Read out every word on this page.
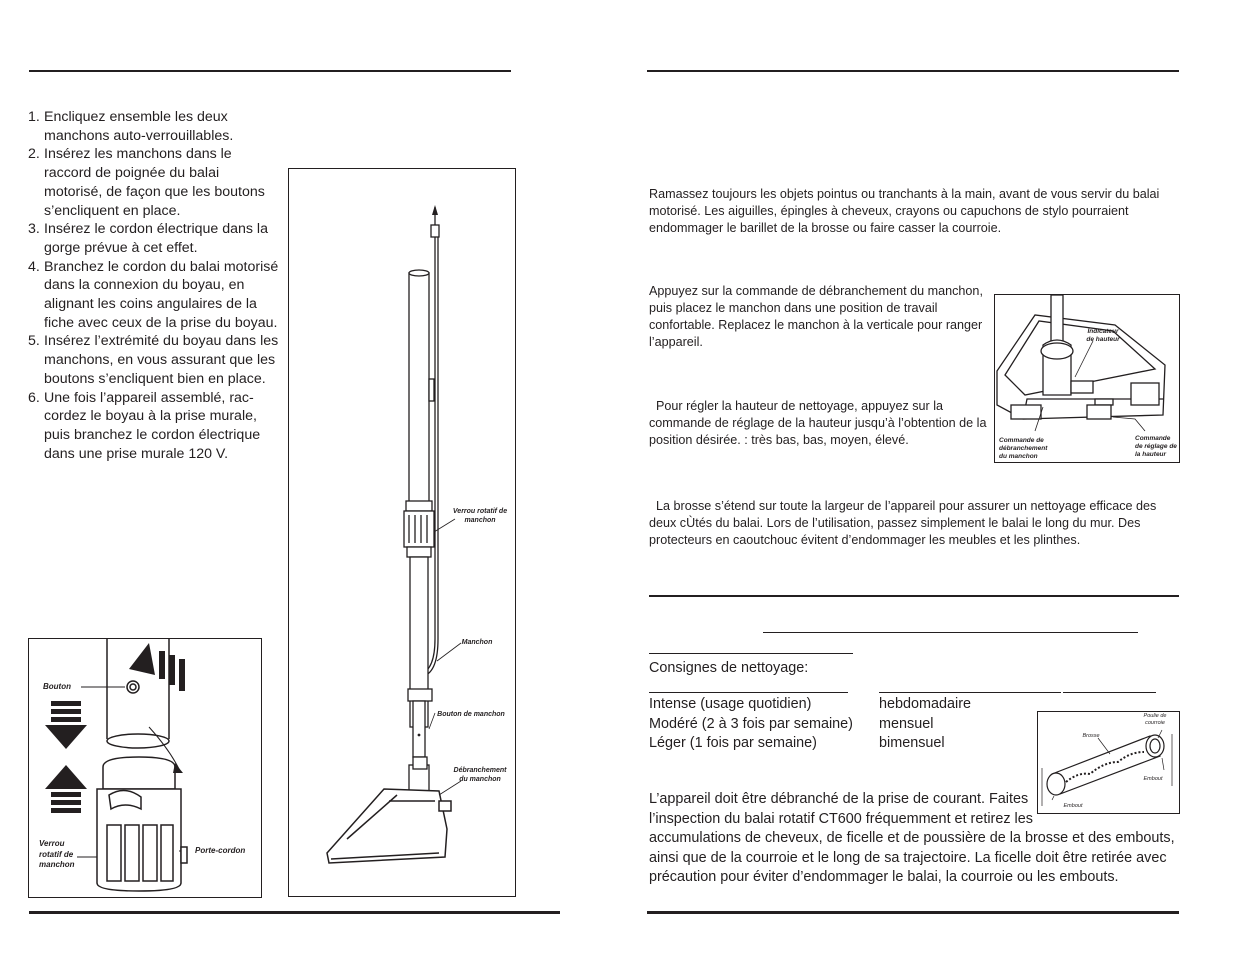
1. Encliquez ensemble les deux
manchons auto-verrouillables.
2. Insérez les manchons dans le
raccord de poignée du balai
motorisé, de façon que les boutons
s’encliquent en place.
3. Insérez le cordon électrique dans la
gorge prévue à cet effet.
4. Branchez le cordon du balai motorisé
dans la connexion du boyau, en
alignant les coins angulaires de la
fiche avec ceux de la prise du boyau.
5. Insérez l’extrémité du boyau dans les
manchons, en vous assurant que les
boutons s’encliquent bien en place.
6. Une fois l’appareil assemblé, rac-
cordez le boyau à la prise murale,
puis branchez le cordon électrique
dans une prise murale 120 V.
Verrou rotatif de manchon
Manchon
Bouton de manchon
Débranchement du manchon
Bouton
Verrou rotatif de manchon
Porte-cordon
Ramassez toujours les objets pointus ou tranchants à la main, avant de vous servir du balai motorisé. Les aiguilles, épingles à cheveux, crayons ou capuchons de stylo pourraient endommager le barillet de la brosse ou faire casser la courroie.
Appuyez sur la commande de débranchement du manchon, puis placez le manchon dans une position de travail confortable. Replacez le manchon à la verticale pour ranger l’appareil.
Pour régler la hauteur de nettoyage, appuyez sur la commande de réglage de la hauteur jusqu’à l’obtention de la position désirée. : très bas, bas, moyen, élevé.
Indicateur de hauteur
Commande de débranchement du manchon
Commande de réglage de la hauteur
La brosse s’étend sur toute la largeur de l’appareil pour assurer un nettoyage efficace des deux cÙtés du balai. Lors de l’utilisation, passez simplement le balai le long du mur. Des protecteurs en caoutchouc évitent d’endommager les meubles et les plinthes.
Consignes de nettoyage:
Intense (usage quotidien)
Modéré (2 à 3 fois par semaine)
Léger (1 fois par semaine)
hebdomadaire
mensuel
bimensuel
Poulie de courroie
Brosse
Embout
Embout
L’appareil doit être débranché de la prise de courant. Faites
l’inspection du balai rotatif CT600 fréquemment et retirez les
accumulations de cheveux, de ficelle et de poussière de la brosse et des embouts,
ainsi que de la courroie et le long de sa trajectoire. La ficelle doit être retirée avec
précaution pour éviter d’endommager le balai, la courroie ou les embouts.
